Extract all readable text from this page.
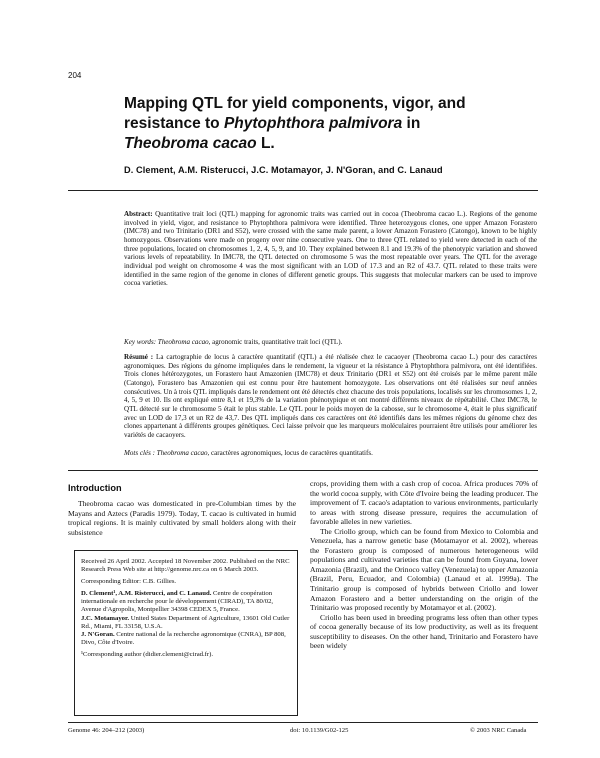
204
Mapping QTL for yield components, vigor, and
resistance to Phytophthora palmivora in
Theobroma cacao L.
D. Clement, A.M. Risterucci, J.C. Motamayor, J. N'Goran, and C. Lanaud
Abstract: Quantitative trait loci (QTL) mapping for agronomic traits was carried out in cocoa (Theobroma cacao L.). Regions of the genome involved in yield, vigor, and resistance to Phytophthora palmivora were identified. Three heterozygous clones, one upper Amazon Forastero (IMC78) and two Trinitario (DR1 and S52), were crossed with the same male parent, a lower Amazon Forastero (Catongo), known to be highly homozygous. Observations were made on progeny over nine consecutive years. One to three QTL related to yield were detected in each of the three populations, located on chromosomes 1, 2, 4, 5, 9, and 10. They explained between 8.1 and 19.3% of the phenotypic variation and showed various levels of repeatability. In IMC78, the QTL detected on chromosome 5 was the most repeatable over years. The QTL for the average individual pod weight on chromosome 4 was the most significant with an LOD of 17.3 and an R2 of 43.7. QTL related to these traits were identified in the same region of the genome in clones of different genetic groups. This suggests that molecular markers can be used to improve cocoa varieties.
Key words: Theobroma cacao, agronomic traits, quantitative trait loci (QTL).
Résumé : La cartographie de locus à caractère quantitatif (QTL) a été réalisée chez le cacaoyer (Theobroma cacao L.) pour des caractères agronomiques. Des régions du génome impliquées dans le rendement, la vigueur et la résistance à Phytophthora palmivora, ont été identifiées. Trois clones hétérozygotes, un Forastero haut Amazonien (IMC78) et deux Trinitario (DR1 et S52) ont été croisés par le même parent mâle (Catongo), Forastero bas Amazonien qui est connu pour être hautement homozygote. Les observations ont été réalisées sur neuf années consécutives. Un à trois QTL impliqués dans le rendement ont été détectés chez chacune des trois populations, localisés sur les chromosomes 1, 2, 4, 5, 9 et 10. Ils ont expliqué entre 8,1 et 19,3% de la variation phénotypique et ont montré différents niveaux de répétabilité. Chez IMC78, le QTL détecté sur le chromosome 5 était le plus stable. Le QTL pour le poids moyen de la cabosse, sur le chromosome 4, était le plus significatif avec un LOD de 17,3 et un R2 de 43,7. Des QTL impliqués dans ces caractères ont été identifiés dans les mêmes régions du génome chez des clones appartenant à différents groupes génétiques. Ceci laisse prévoir que les marqueurs moléculaires pourraient être utilisés pour améliorer les variétés de cacaoyers.
Mots clés : Theobroma cacao, caractères agronomiques, locus de caractères quantitatifs.
Introduction

Theobroma cacao was domesticated in pre-Columbian times by the Mayans and Aztecs (Paradis 1979). Today, T. cacao is cultivated in humid tropical regions. It is mainly cultivated by small holders along with their subsistence

crops, providing them with a cash crop of cocoa. Africa produces 70% of the world cocoa supply, with Côte d'Ivoire being the leading producer. The improvement of T. cacao's adaptation to various environments, particularly to areas with strong disease pressure, requires the accumulation of favorable alleles in new varieties.

The Criollo group, which can be found from Mexico to Colombia and Venezuela, has a narrow genetic base (Motamayor et al. 2002), whereas the Forastero group is composed of numerous heterogeneous wild populations and cultivated varieties that can be found from Guyana, lower Amazonia (Brazil), and the Orinoco valley (Venezuela) to upper Amazonia (Brazil, Peru, Ecuador, and Colombia) (Lanaud et al. 1999a). The Trinitario group is composed of hybrids between Criollo and lower Amazon Forastero and a better understanding on the origin of the Trinitario was proposed recently by Motamayor et al. (2002).

Criollo has been used in breeding programs less often than other types of cocoa generally because of its low productivity, as well as its frequent susceptibility to diseases. On the other hand, Trinitario and Forastero have been widely

Received 26 April 2002. Accepted 18 November 2002. Published on the NRC Research Press Web site at http://genome.nrc.ca on 6 March 2003.

Corresponding Editor: C.B. Gillies.

D. Clement¹, A.M. Risterucci, and C. Lanaud. Centre de coopération internationale en recherche pour le développement (CIRAD), TA 80/02, Avenue d'Agropolis, Montpellier 34398 CEDEX 5, France.

J.C. Motamayor. United States Department of Agriculture, 13601 Old Cutler Rd., Miami, FL 33158, U.S.A.

J. N'Goran. Centre national de la recherche agronomique (CNRA), BP 808, Divo, Côte d'Ivoire.

¹Corresponding author (didier.clement@cirad.fr).

Genome 46: 204–212 (2003)	doi: 10.1139/G02-125	© 2003 NRC Canada
